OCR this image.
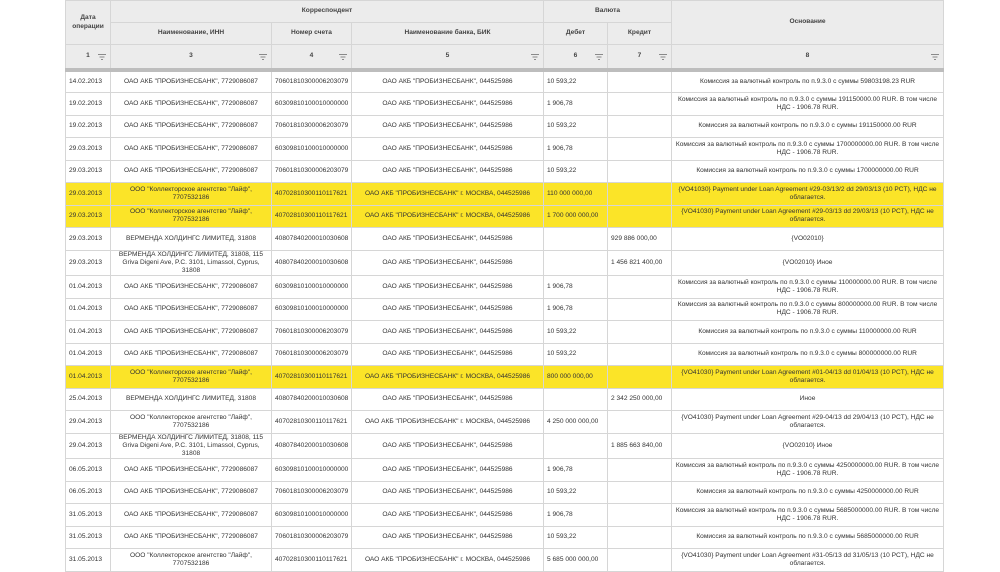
Дата операции	Корреспондент			Валюта		Основание
	Наименование, ИНН	Номер счета	Наименование банка, БИК	Дебет	Кредит	
1	3	4	5	6	7	8

14.02.2013	ОАО АКБ "ПРОБИЗНЕСБАНК", 7729086087	70601810300006203079	ОАО АКБ "ПРОБИЗНЕСБАНК", 044525986	10 593,22		Комиссия за валютный контроль по п.9.3.0 с суммы 59803198.23 RUR
19.02.2013	ОАО АКБ "ПРОБИЗНЕСБАНК", 7729086087	60309810100010000000	ОАО АКБ "ПРОБИЗНЕСБАНК", 044525986	1 906,78		Комиссия за валютный контроль по п.9.3.0 с суммы 191150000.00 RUR. В том числе НДС - 1906.78 RUR.
19.02.2013	ОАО АКБ "ПРОБИЗНЕСБАНК", 7729086087	70601810300006203079	ОАО АКБ "ПРОБИЗНЕСБАНК", 044525986	10 593,22		Комиссия за валютный контроль по п.9.3.0 с суммы 191150000.00 RUR
29.03.2013	ОАО АКБ "ПРОБИЗНЕСБАНК", 7729086087	60309810100010000000	ОАО АКБ "ПРОБИЗНЕСБАНК", 044525986	1 906,78		Комиссия за валютный контроль по п.9.3.0 с суммы 1700000000.00 RUR. В том числе НДС - 1906.78 RUR.
29.03.2013	ОАО АКБ "ПРОБИЗНЕСБАНК", 7729086087	70601810300006203079	ОАО АКБ "ПРОБИЗНЕСБАНК", 044525986	10 593,22		Комиссия за валютный контроль по п.9.3.0 с суммы 1700000000.00 RUR
29.03.2013	ООО "Коллекторское агентство "Лайф", 7707532186	40702810300110117621	ОАО АКБ "ПРОБИЗНЕСБАНК" г. МОСКВА, 044525986	110 000 000,00		{VO41030} Payment under Loan Agreement #29-03/13/2 dd 29/03/13 (10 PCT), НДС не облагается.
29.03.2013	ООО "Коллекторское агентство "Лайф", 7707532186	40702810300110117621	ОАО АКБ "ПРОБИЗНЕСБАНК" г. МОСКВА, 044525986	1 700 000 000,00		{VO41030} Payment under Loan Agreement #29-03/13 dd 29/03/13 (10 PCT), НДС не облагается.
29.03.2013	ВЕРМЕНДА ХОЛДИНГС ЛИМИТЕД, 31808	40807840200010030608	ОАО АКБ "ПРОБИЗНЕСБАНК", 044525986		929 886 000,00	{VO02010}
29.03.2013	ВЕРМЕНДА ХОЛДИНГС ЛИМИТЕД, 31808, 115 Griva Digeni Ave, P.C. 3101, Limassol, Cyprus, 31808	40807840200010030608	ОАО АКБ "ПРОБИЗНЕСБАНК", 044525986		1 456 821 400,00	{VO02010} Иное
01.04.2013	ОАО АКБ "ПРОБИЗНЕСБАНК", 7729086087	60309810100010000000	ОАО АКБ "ПРОБИЗНЕСБАНК", 044525986	1 906,78		Комиссия за валютный контроль по п.9.3.0 с суммы 110000000.00 RUR. В том числе НДС - 1906.78 RUR.
01.04.2013	ОАО АКБ "ПРОБИЗНЕСБАНК", 7729086087	60309810100010000000	ОАО АКБ "ПРОБИЗНЕСБАНК", 044525986	1 906,78		Комиссия за валютный контроль по п.9.3.0 с суммы 800000000.00 RUR. В том числе НДС - 1906.78 RUR.
01.04.2013	ОАО АКБ "ПРОБИЗНЕСБАНК", 7729086087	70601810300006203079	ОАО АКБ "ПРОБИЗНЕСБАНК", 044525986	10 593,22		Комиссия за валютный контроль по п.9.3.0 с суммы 110000000.00 RUR
01.04.2013	ОАО АКБ "ПРОБИЗНЕСБАНК", 7729086087	70601810300006203079	ОАО АКБ "ПРОБИЗНЕСБАНК", 044525986	10 593,22		Комиссия за валютный контроль по п.9.3.0 с суммы 800000000.00 RUR
01.04.2013	ООО "Коллекторское агентство "Лайф", 7707532186	40702810300110117621	ОАО АКБ "ПРОБИЗНЕСБАНК" г. МОСКВА, 044525986	800 000 000,00		{VO41030} Payment under Loan Agreement #01-04/13 dd 01/04/13 (10 PCT), НДС не облагается.
25.04.2013	ВЕРМЕНДА ХОЛДИНГС ЛИМИТЕД, 31808	40807840200010030608	ОАО АКБ "ПРОБИЗНЕСБАНК", 044525986		2 342 250 000,00	Иное
29.04.2013	ООО "Коллекторское агентство "Лайф", 7707532186	40702810300110117621	ОАО АКБ "ПРОБИЗНЕСБАНК" г. МОСКВА, 044525986	4 250 000 000,00		{VO41030} Payment under Loan Agreement #29-04/13 dd 29/04/13 (10 PCT), НДС не облагается.
29.04.2013	ВЕРМЕНДА ХОЛДИНГС ЛИМИТЕД, 31808, 115 Griva Digeni Ave, P.C. 3101, Limassol, Cyprus, 31808	40807840200010030608	ОАО АКБ "ПРОБИЗНЕСБАНК", 044525986		1 885 663 840,00	{VO02010} Иное
06.05.2013	ОАО АКБ "ПРОБИЗНЕСБАНК", 7729086087	60309810100010000000	ОАО АКБ "ПРОБИЗНЕСБАНК", 044525986	1 906,78		Комиссия за валютный контроль по п.9.3.0 с суммы 4250000000.00 RUR. В том числе НДС - 1906.78 RUR.
06.05.2013	ОАО АКБ "ПРОБИЗНЕСБАНК", 7729086087	70601810300006203079	ОАО АКБ "ПРОБИЗНЕСБАНК", 044525986	10 593,22		Комиссия за валютный контроль по п.9.3.0 с суммы 4250000000.00 RUR
31.05.2013	ОАО АКБ "ПРОБИЗНЕСБАНК", 7729086087	60309810100010000000	ОАО АКБ "ПРОБИЗНЕСБАНК", 044525986	1 906,78		Комиссия за валютный контроль по п.9.3.0 с суммы 5685000000.00 RUR. В том числе НДС - 1906.78 RUR.
31.05.2013	ОАО АКБ "ПРОБИЗНЕСБАНК", 7729086087	70601810300006203079	ОАО АКБ "ПРОБИЗНЕСБАНК", 044525986	10 593,22		Комиссия за валютный контроль по п.9.3.0 с суммы 5685000000.00 RUR
31.05.2013	ООО "Коллекторское агентство "Лайф", 7707532186	40702810300110117621	ОАО АКБ "ПРОБИЗНЕСБАНК" г. МОСКВА, 044525986	5 685 000 000,00		{VO41030} Payment under Loan Agreement #31-05/13 dd 31/05/13 (10 PCT), НДС не облагается.
